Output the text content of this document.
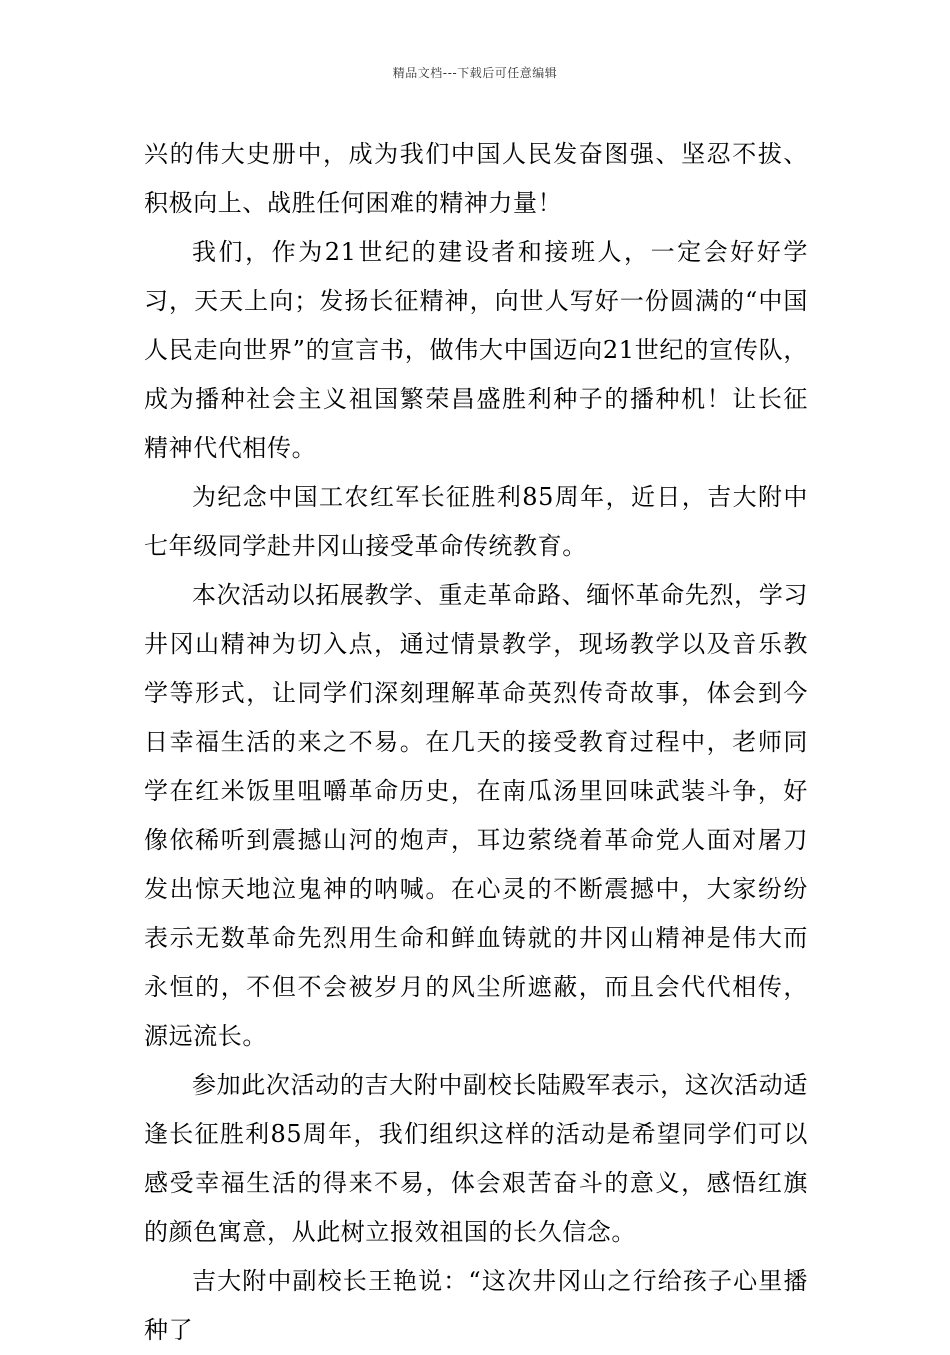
精品文档---下载后可任意编辑

兴的伟大史册中，成为我们中国人民发奋图强、坚忍不拔、积极向上、战胜任何困难的精神力量！

我们，作为21世纪的建设者和接班人，一定会好好学习，天天上向；发扬长征精神，向世人写好一份圆满的“中国人民走向世界”的宣言书，做伟大中国迈向21世纪的宣传队，成为播种社会主义祖国繁荣昌盛胜利种子的播种机！让长征精神代代相传。

为纪念中国工农红军长征胜利85周年，近日，吉大附中七年级同学赴井冈山接受革命传统教育。

本次活动以拓展教学、重走革命路、缅怀革命先烈，学习井冈山精神为切入点，通过情景教学，现场教学以及音乐教学等形式，让同学们深刻理解革命英烈传奇故事，体会到今日幸福生活的来之不易。在几天的接受教育过程中，老师同学在红米饭里咀嚼革命历史，在南瓜汤里回味武装斗争，好像依稀听到震撼山河的炮声，耳边萦绕着革命党人面对屠刀发出惊天地泣鬼神的呐喊。在心灵的不断震撼中，大家纷纷表示无数革命先烈用生命和鲜血铸就的井冈山精神是伟大而永恒的，不但不会被岁月的风尘所遮蔽，而且会代代相传，源远流长。

参加此次活动的吉大附中副校长陆殿军表示，这次活动适逢长征胜利85周年，我们组织这样的活动是希望同学们可以感受幸福生活的得来不易，体会艰苦奋斗的意义，感悟红旗的颜色寓意，从此树立报效祖国的长久信念。

吉大附中副校长王艳说：“这次井冈山之行给孩子心里播种了
